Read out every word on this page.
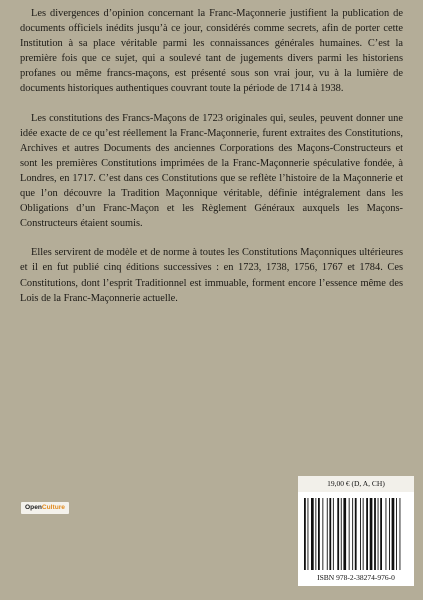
Les divergences d’opinion concernant la Franc-Maçonnerie justifient la publication de documents officiels inédits jusqu’à ce jour, considérés comme secrets, afin de porter cette Institution à sa place véritable parmi les connaissances générales humaines. C’est la première fois que ce sujet, qui a soulevé tant de jugements divers parmi les historiens profanes ou même francs-maçons, est présenté sous son vrai jour, vu à la lumière de documents historiques authentiques couvrant toute la période de 1714 à 1938.

Les constitutions des Francs-Maçons de 1723 originales qui, seules, peuvent donner une idée exacte de ce qu’est réellement la Franc-Maçonnerie, furent extraites des Constitutions, Archives et autres Documents des anciennes Corporations des Maçons-Constructeurs et sont les premières Constitutions imprimées de la Franc-Maçonnerie spéculative fondée, à Londres, en 1717. C’est dans ces Constitutions que se reflète l’histoire de la Maçonnerie et que l’on découvre la Tradition Maçonnique véritable, définie intégralement dans les Obligations d’un Franc-Maçon et les Règlement Généraux auxquels les Maçons-Constructeurs étaient soumis.

Elles servirent de modèle et de norme à toutes les Constitutions Maçonniques ultérieures et il en fut publié cinq éditions successives : en 1723, 1738, 1756, 1767 et 1784. Ces Constitutions, dont l’esprit Traditionnel est immuable, forment encore l’essence même des Lois de la Franc-Maçonnerie actuelle.

19,00 € (D, A, CH)
OpenCulture
ISBN 978-2-38274-976-0
